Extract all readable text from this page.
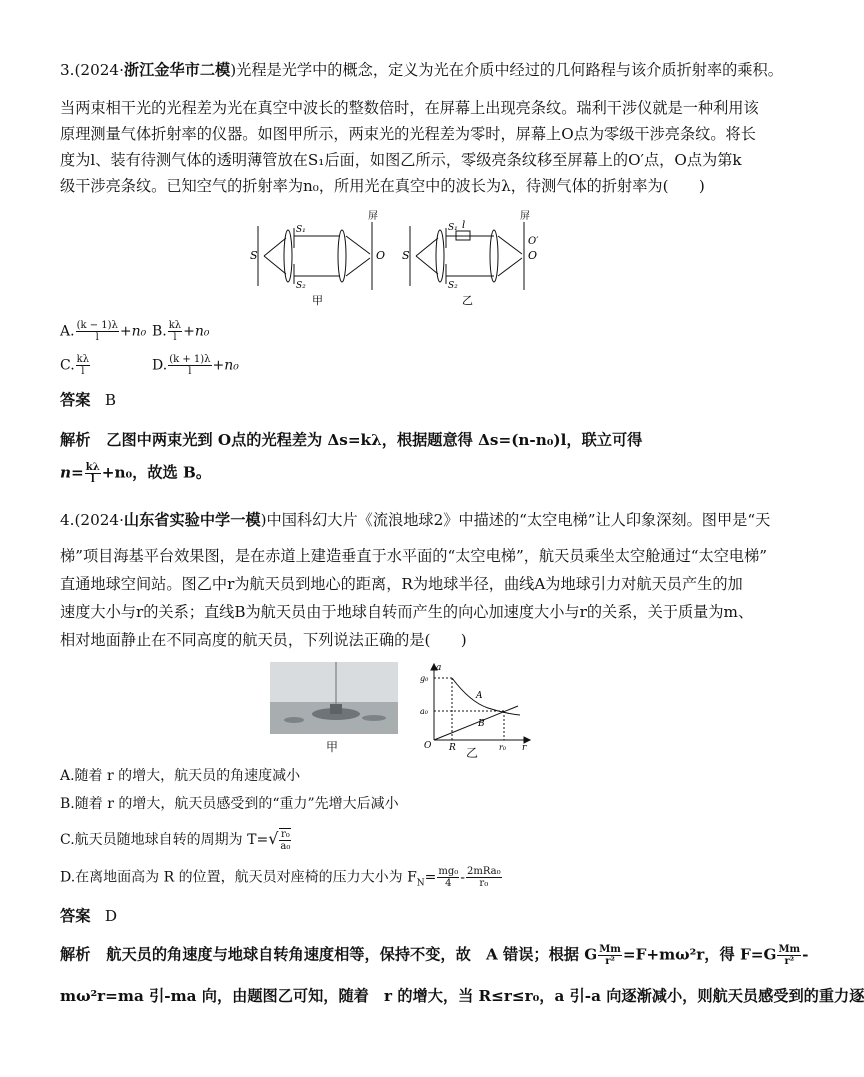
3.(2024·浙江金华市二模)光程是光学中的概念，定义为光在介质中经过的几何路程与该介质折射率的乘积。
当两束相干光的光程差为光在真空中波长的整数倍时，在屏幕上出现亮条纹。瑞利干涉仪就是一种利用该
原理测量气体折射率的仪器。如图甲所示，两束光的光程差为零时，屏幕上O点为零级干涉亮条纹。将长
度为l、装有待测气体的透明薄管放在S₁后面，如图乙所示，零级亮条纹移至屏幕上的O′点，O点为第k
级干涉亮条纹。已知空气的折射率为n₀，所用光在真空中的波长为λ，待测气体的折射率为(　　)
S
S₁
S₂
O
屏
甲
S
S₁ l
S₂
O′
O
屏
乙
A. $\frac{(k - 1)\lambda}{l} +n_0$ B. $\frac{k\lambda}{l} +n_0$
C. $\frac{k\lambda}{l}$	D. $\frac{(k + 1)\lambda}{l} +n_0$
答案 B
解析 乙图中两束光到 O点的光程差为 Δs=kλ，根据题意得 Δs=(n-n₀)l，联立可得
$n= \frac{k\lambda}{l} +n_0$，故选 B。
4.(2024·山东省实验中学一模)中国科幻大片《流浪地球2》中描述的“太空电梯”让人印象深刻。图甲是“天
梯”项目海基平台效果图，是在赤道上建造垂直于水平面的“太空电梯”，航天员乘坐太空舱通过“太空电梯”
直通地球空间站。图乙中r为航天员到地心的距离，R为地球半径，曲线A为地球引力对航天员产生的加
速度大小与r的关系；直线B为航天员由于地球自转而产生的向心加速度大小与r的关系，关于质量为m、
相对地面静止在不同高度的航天员，下列说法正确的是(　　)
甲
a
g₀
a₀
A
B
O R	r₀ r
乙
A.随着 r 的增大，航天员的角速度减小
B.随着 r 的增大，航天员感受到的“重力”先增大后减小
C.航天员随地球自转的周期为 $T=√ \frac{\text{r₀}}{\text{a₀}}$
D.在离地面高为 R 的位置，航天员对座椅的压力大小为 $F_N= \frac{\text{mg₀}}{4} - \frac{\text{2mRa₀}}{\text{r₀}}$
答案 D
解析 航天员的角速度与地球自转角速度相等，保持不变，故　A 错误；根据 G $\frac{Mm}{\text{r²}} =F+m\omega^2r$，得 $F=G \frac{Mm}{\text{r²}}$ -
mω²r=ma 引-ma 向，由题图乙可知，随着　r 的增大，当 R≤r≤r₀，a 引-a 向逐渐减小，则航天员感受到的重力逐
